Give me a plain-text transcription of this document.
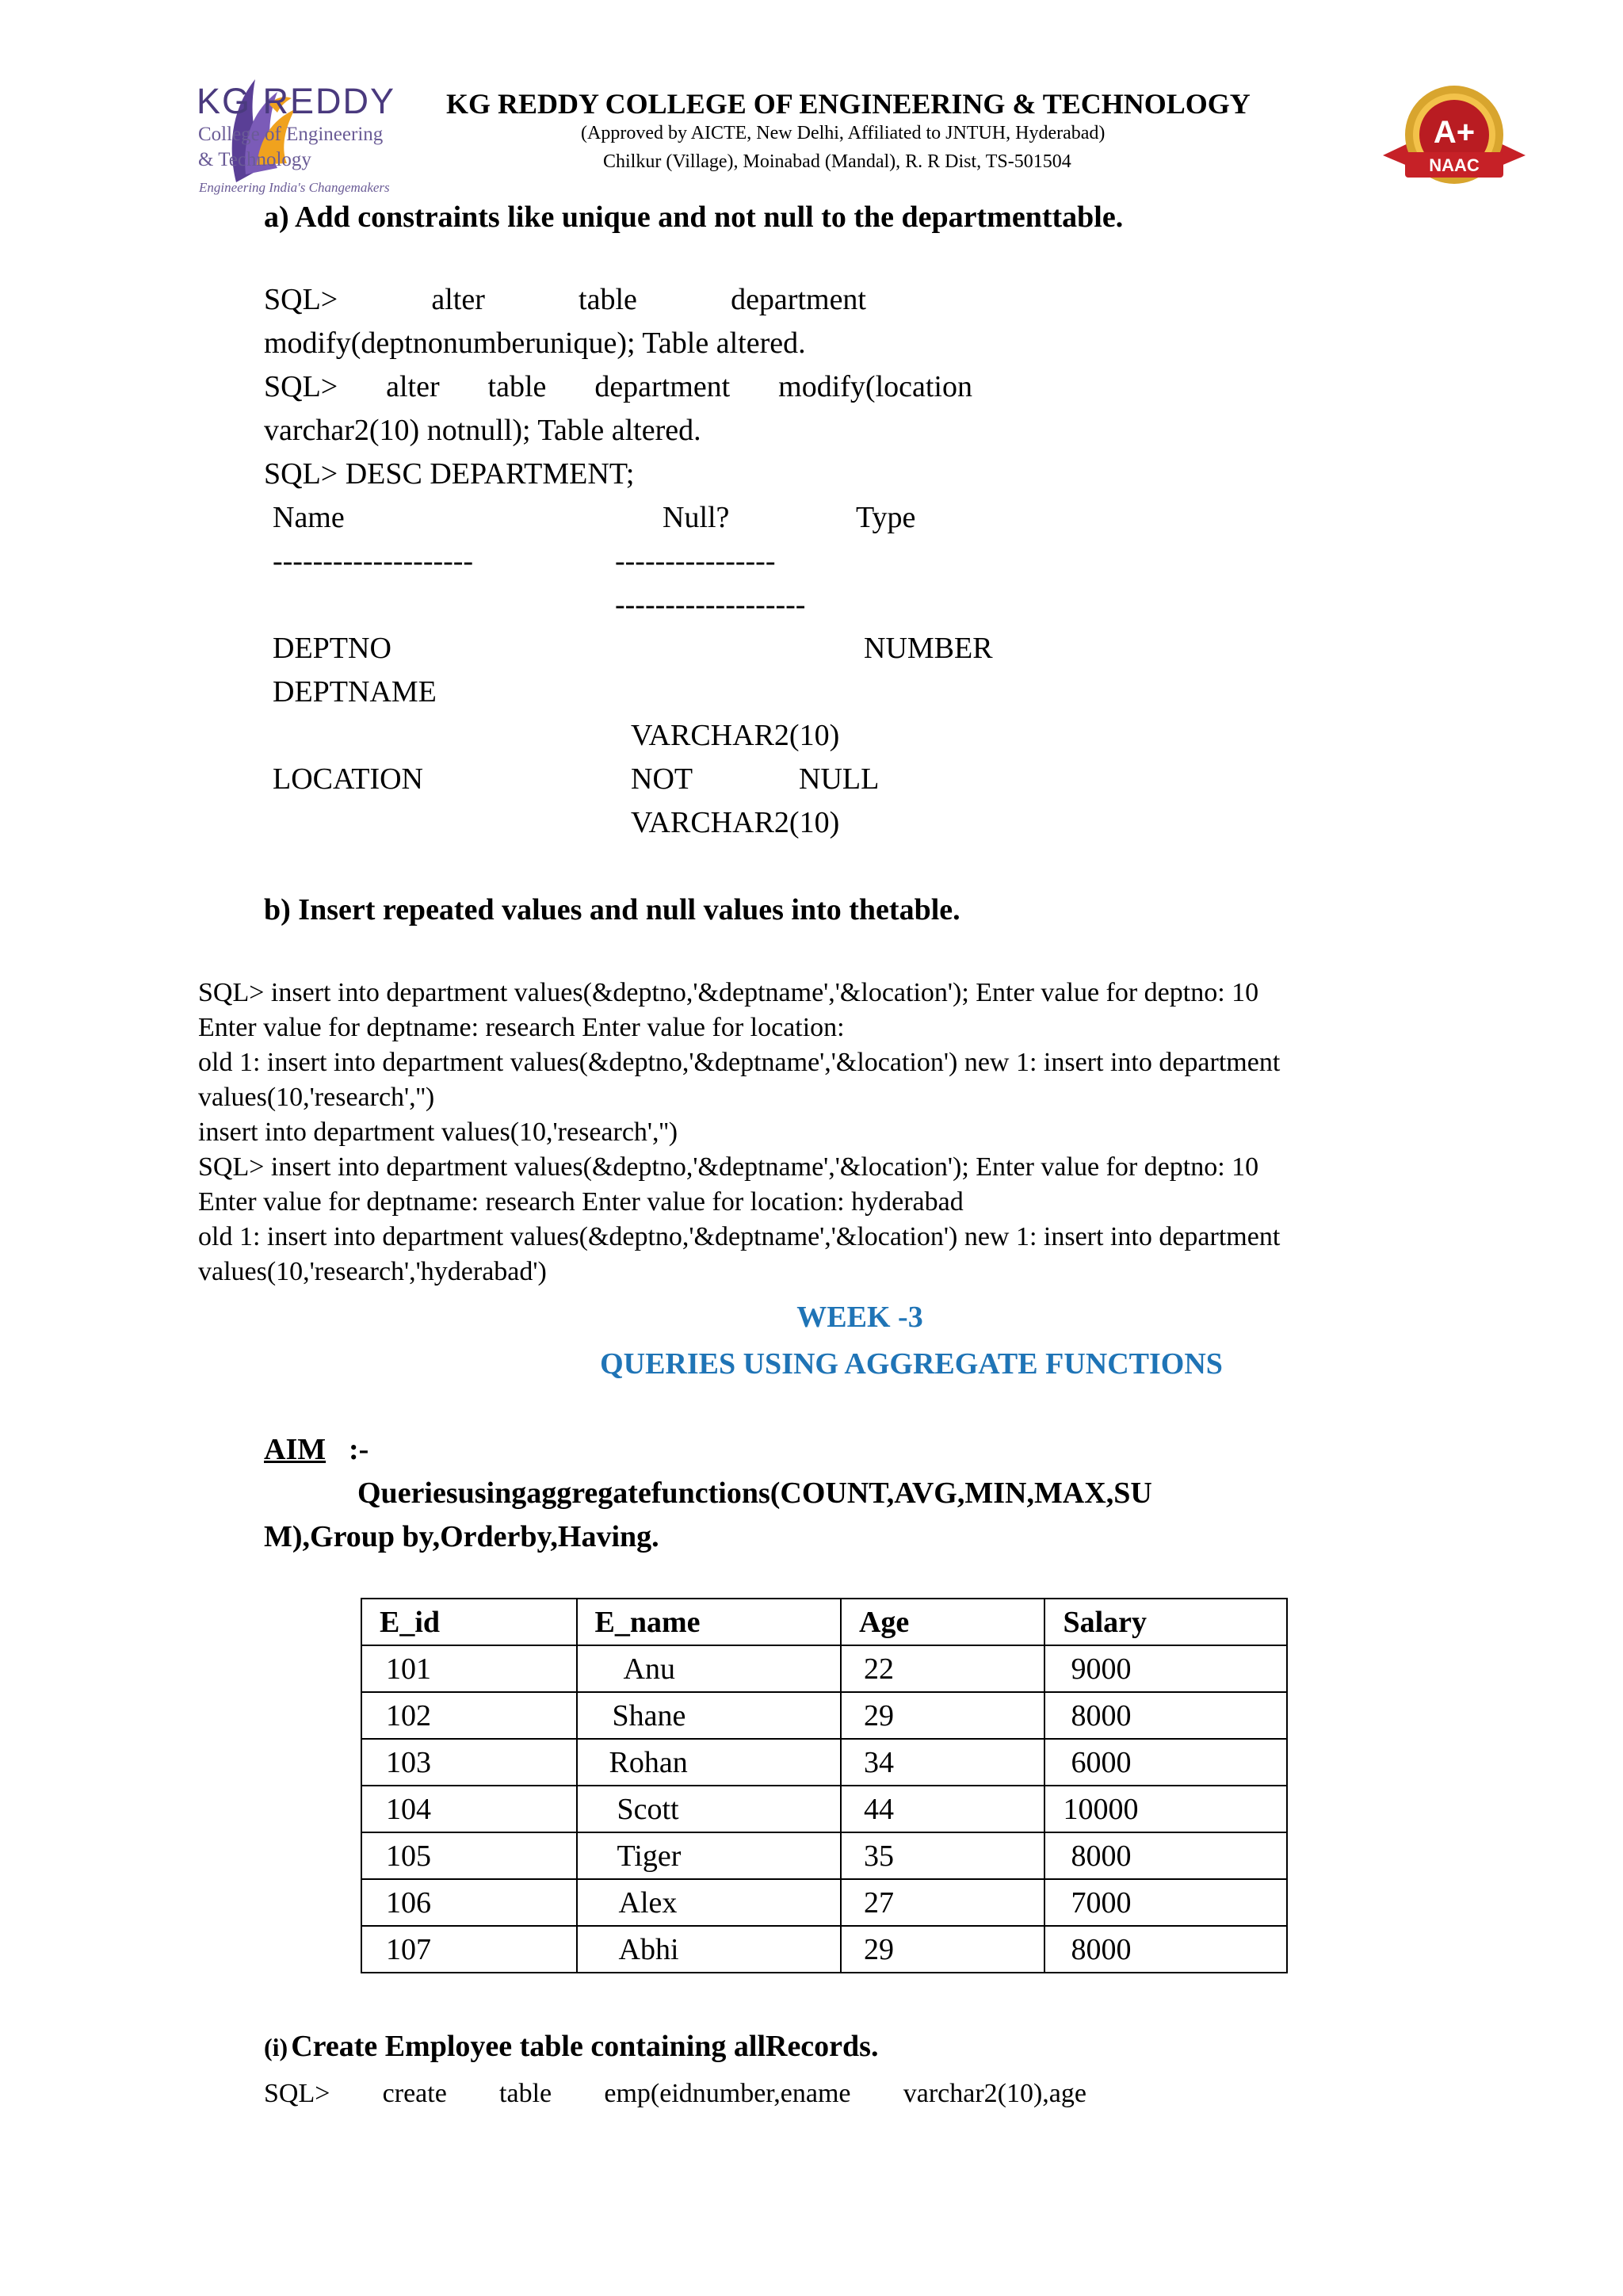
KG REDDY
College of Engineering
& Technology
Engineering India's Changemakers
KG REDDY COLLEGE OF ENGINEERING & TECHNOLOGY
(Approved by AICTE, New Delhi, Affiliated to JNTUH, Hyderabad)
Chilkur (Village), Moinabad (Mandal), R. R Dist, TS-501504
A+
NAAC
a) Add constraints like unique and not null to the departmenttable.
SQL>	alter	table	department
modify(deptnonumberunique); Table altered.
SQL> alter table department modify(location
varchar2(10) notnull); Table altered.
SQL> DESC DEPARTMENT;
Name	Null?	Type
--------------------	----------------
-------------------
DEPTNO	NUMBER
DEPTNAME
VARCHAR2(10)
LOCATION	NOT	NULL
VARCHAR2(10)
b) Insert repeated values and null values into thetable.
SQL> insert into department values(&deptno,'&deptname','&location'); Enter value for deptno: 10
Enter value for deptname: research Enter value for location:
old 1: insert into department values(&deptno,'&deptname','&location') new 1: insert into department
values(10,'research','')
insert into department values(10,'research','')
SQL> insert into department values(&deptno,'&deptname','&location'); Enter value for deptno: 10
Enter value for deptname: research Enter value for location: hyderabad
old 1: insert into department values(&deptno,'&deptname','&location') new 1: insert into department
values(10,'research','hyderabad')
WEEK -3
QUERIES USING AGGREGATE FUNCTIONS
AIM :-
Queriesusingaggregatefunctions(COUNT,AVG,MIN,MAX,SU
M),Group by,Orderby,Having.
E_id	E_name	Age	Salary
101	Anu	22	9000
102	Shane	29	8000
103	Rohan	34	6000
104	Scott	44	10000
105	Tiger	35	8000
106	Alex	27	7000
107	Abhi	29	8000
(i) Create Employee table containing allRecords.
SQL> create table emp(eidnumber,ename varchar2(10),age
